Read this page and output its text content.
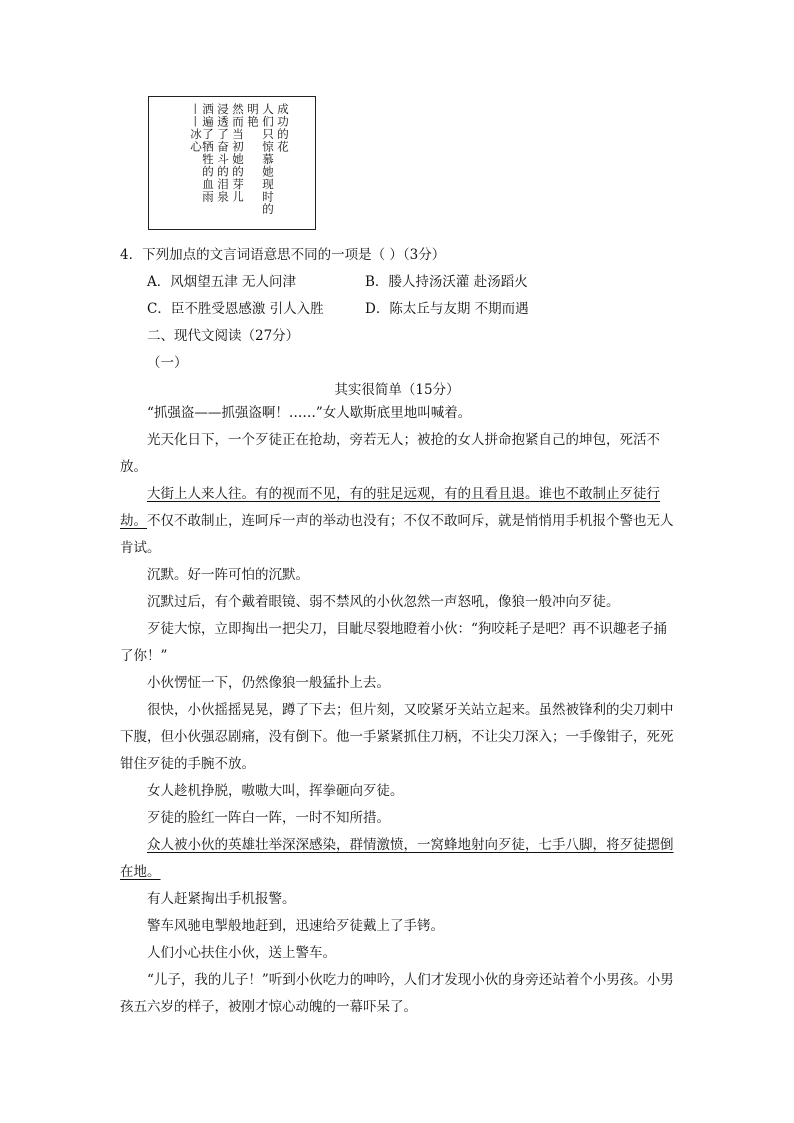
成功的花
人们只惊慕她现时的
明艳
然而当初她的芽儿
浸透了奋斗的泪泉
洒遍了牺牲的血雨
——冰心
4．下列加点的文言词语意思不同的一项是（ ）（3分）
A．风烟望五津 无人问津	B．媵人持汤沃灌 赴汤蹈火
C．臣不胜受恩感激 引人入胜	D．陈太丘与友期 不期而遇
二、现代文阅读（27分）
（一）
其实很简单（15分）
“抓强盗——抓强盗啊！……”女人歇斯底里地叫喊着。
光天化日下，一个歹徒正在抢劫，旁若无人；被抢的女人拼命抱紧自己的坤包，死活不放。
大街上人来人往。有的视而不见，有的驻足远观，有的且看且退。谁也不敢制止歹徒行劫。不仅不敢制止，连呵斥一声的举动也没有；不仅不敢呵斥，就是悄悄用手机报个警也无人肯试。
沉默。好一阵可怕的沉默。
沉默过后，有个戴着眼镜、弱不禁风的小伙忽然一声怒吼，像狼一般冲向歹徒。
歹徒大惊，立即掏出一把尖刀，目眦尽裂地瞪着小伙：“狗咬耗子是吧？再不识趣老子捅了你！”
小伙愣怔一下，仍然像狼一般猛扑上去。
很快，小伙摇摇晃晃，蹲了下去；但片刻，又咬紧牙关站立起来。虽然被锋利的尖刀刺中下腹，但小伙强忍剧痛，没有倒下。他一手紧紧抓住刀柄，不让尖刀深入；一手像钳子，死死钳住歹徒的手腕不放。
女人趁机挣脱，嗷嗷大叫，挥拳砸向歹徒。
歹徒的脸红一阵白一阵，一时不知所措。
众人被小伙的英雄壮举深深感染，群情激愤，一窝蜂地射向歹徒，七手八脚，将歹徒摁倒在地。
有人赶紧掏出手机报警。
警车风驰电掣般地赶到，迅速给歹徒戴上了手铐。
人们小心扶住小伙，送上警车。
“儿子，我的儿子！”听到小伙吃力的呻吟，人们才发现小伙的身旁还站着个小男孩。小男孩五六岁的样子，被刚才惊心动魄的一幕吓呆了。
